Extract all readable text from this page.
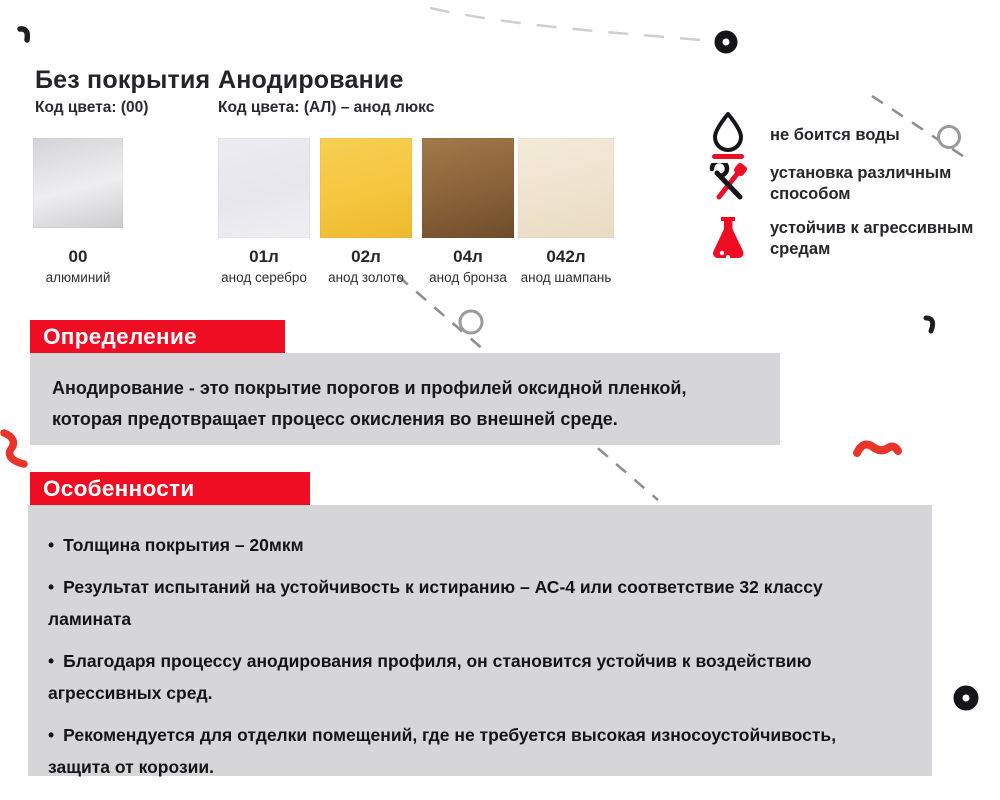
Без покрытия
Код цвета: (00)
Анодирование
Код цвета: (АЛ) – анод люкс
00
алюминий
01л
анод серебро
02л
анод золото
04л
анод бронза
042л
анод шампань
не боится воды
установка различным способом
устойчив к агрессивным средам
Определение
Анодирование - это покрытие порогов и профилей оксидной пленкой,
которая предотвращает процесс окисления во внешней среде.
Особенности
• Толщина покрытия – 20мкм
• Результат испытаний на устойчивость к истиранию – АС-4 или соответствие 32 классу ламината
• Благодаря процессу анодирования профиля, он становится устойчив к воздействию агрессивных сред.
• Рекомендуется для отделки помещений, где не требуется высокая износоустойчивость, защита от корозии.
